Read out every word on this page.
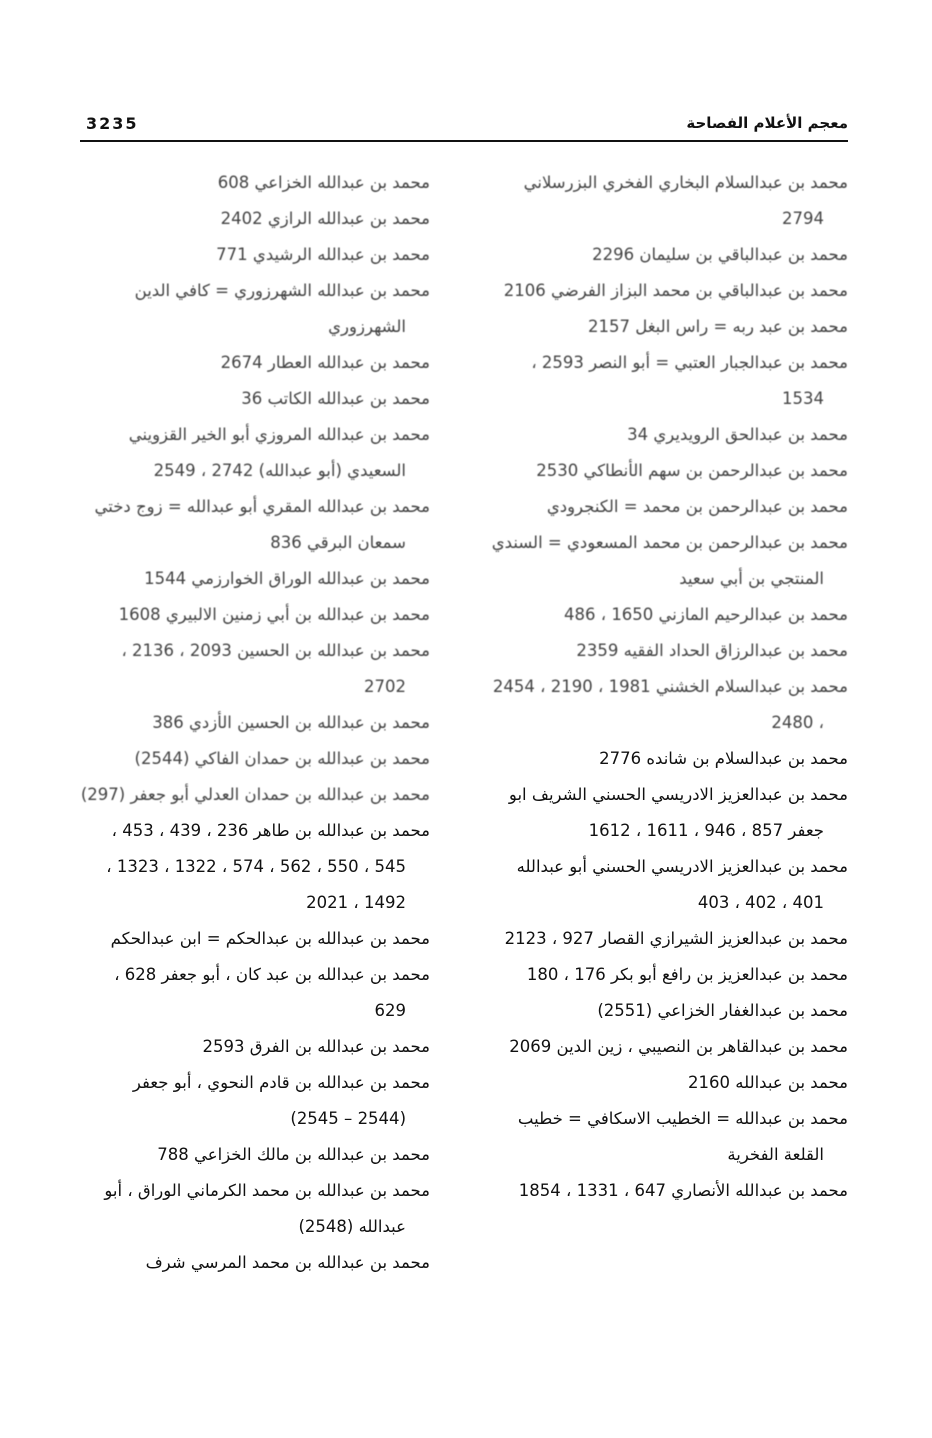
3235	معجم الأعلام الفصاحة
محمد بن عبدالسلام البخاري الفخري البزرسلاني 2794
محمد بن عبدالباقي بن سليمان 2296
محمد بن عبدالباقي بن محمد البزاز الفرضي 2106
محمد بن عبد ربه = راس البغل 2157
محمد بن عبدالجبار العتبي = أبو النصر 2593 ، 1534
محمد بن عبدالحق الرويديري 34
محمد بن عبدالرحمن بن سهم الأنطاكي 2530
محمد بن عبدالرحمن بن محمد = الكنجرودي
محمد بن عبدالرحمن بن محمد المسعودي = السندي المنتجي بن أبي سعيد
محمد بن عبدالرحيم المازني 1650 ، 486
محمد بن عبدالرزاق الحداد الفقيه 2359
محمد بن عبدالسلام الخشني 1981 ، 2190 ، 2454 ، 2480
محمد بن عبدالسلام بن شانده 2776
محمد بن عبدالعزيز الادريسي الحسني الشريف ابو جعفر 857 ، 946 ، 1611 ، 1612
محمد بن عبدالعزيز الادريسي الحسني أبو عبدالله 401 ، 402 ، 403
محمد بن عبدالعزيز الشيرازي القصار 927 ، 2123
محمد بن عبدالعزيز بن رافع أبو بكر 176 ، 180
محمد بن عبدالغفار الخزاعي (2551)
محمد بن عبدالقاهر بن النصيبي ، زين الدين 2069
محمد بن عبدالله 2160
محمد بن عبدالله = الخطيب الاسكافي = خطيب القلعة الفخرية
محمد بن عبدالله الأنصاري 647 ، 1331 ، 1854
محمد بن عبدالله الخزاعي 608
محمد بن عبدالله الرازي 2402
محمد بن عبدالله الرشيدي 771
محمد بن عبدالله الشهرزوري = كافي الدين الشهرزوري
محمد بن عبدالله العطار 2674
محمد بن عبدالله الكاتب 36
محمد بن عبدالله المروزي أبو الخير القزويني السعيدي (أبو عبدالله) 2742 ، 2549
محمد بن عبدالله المقري أبو عبدالله = زوج دختي سمعان البرقي 836
محمد بن عبدالله الوراق الخوارزمي 1544
محمد بن عبدالله بن أبي زمنين الالبيري 1608
محمد بن عبدالله بن الحسين 2093 ، 2136 ، 2702
محمد بن عبدالله بن الحسين الأزدي 386
محمد بن عبدالله بن حمدان الفاكي (2544)
محمد بن عبدالله بن حمدان العدلي أبو جعفر (297)
محمد بن عبدالله بن طاهر 236 ، 439 ، 453 ، 545 ، 550 ، 562 ، 574 ، 1322 ، 1323 ، 1492 ، 2021
محمد بن عبدالله بن عبدالحكم = ابن عبدالحكم
محمد بن عبدالله بن عبد كان ، أبو جعفر 628 ، 629
محمد بن عبدالله بن الفرق 2593
محمد بن عبدالله بن قادم النحوي ، أبو جعفر (2544 – 2545)
محمد بن عبدالله بن مالك الخزاعي 788
محمد بن عبدالله بن محمد الكرماني الوراق ، أبو عبدالله (2548)
محمد بن عبدالله بن محمد المرسي شرف
